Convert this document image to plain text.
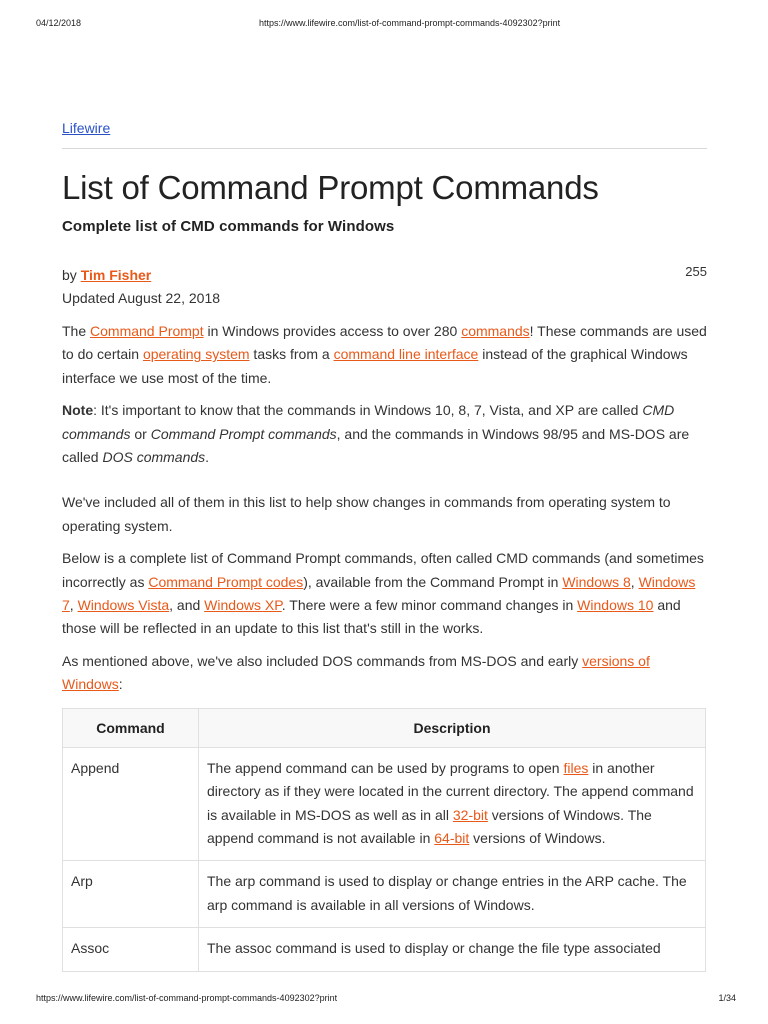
04/12/2018	https://www.lifewire.com/list-of-command-prompt-commands-4092302?print
Lifewire
List of Command Prompt Commands
Complete list of CMD commands for Windows
by Tim Fisher
Updated August 22, 2018
255

The Command Prompt in Windows provides access to over 280 commands! These commands are used to do certain operating system tasks from a command line interface instead of the graphical Windows interface we use most of the time.

Note: It's important to know that the commands in Windows 10, 8, 7, Vista, and XP are called CMD commands or Command Prompt commands, and the commands in Windows 98/95 and MS-DOS are called DOS commands.

We've included all of them in this list to help show changes in commands from operating system to operating system.

Below is a complete list of Command Prompt commands, often called CMD commands (and sometimes incorrectly as Command Prompt codes), available from the Command Prompt in Windows 8, Windows 7, Windows Vista, and Windows XP. There were a few minor command changes in Windows 10 and those will be reflected in an update to this list that's still in the works.

As mentioned above, we've also included DOS commands from MS-DOS and early versions of Windows:

Command	Description
Append	The append command can be used by programs to open files in another directory as if they were located in the current directory. The append command is available in MS-DOS as well as in all 32-bit versions of Windows. The append command is not available in 64-bit versions of Windows.
Arp	The arp command is used to display or change entries in the ARP cache. The arp command is available in all versions of Windows.
Assoc	The assoc command is used to display or change the file type associated
https://www.lifewire.com/list-of-command-prompt-commands-4092302?print	1/34
